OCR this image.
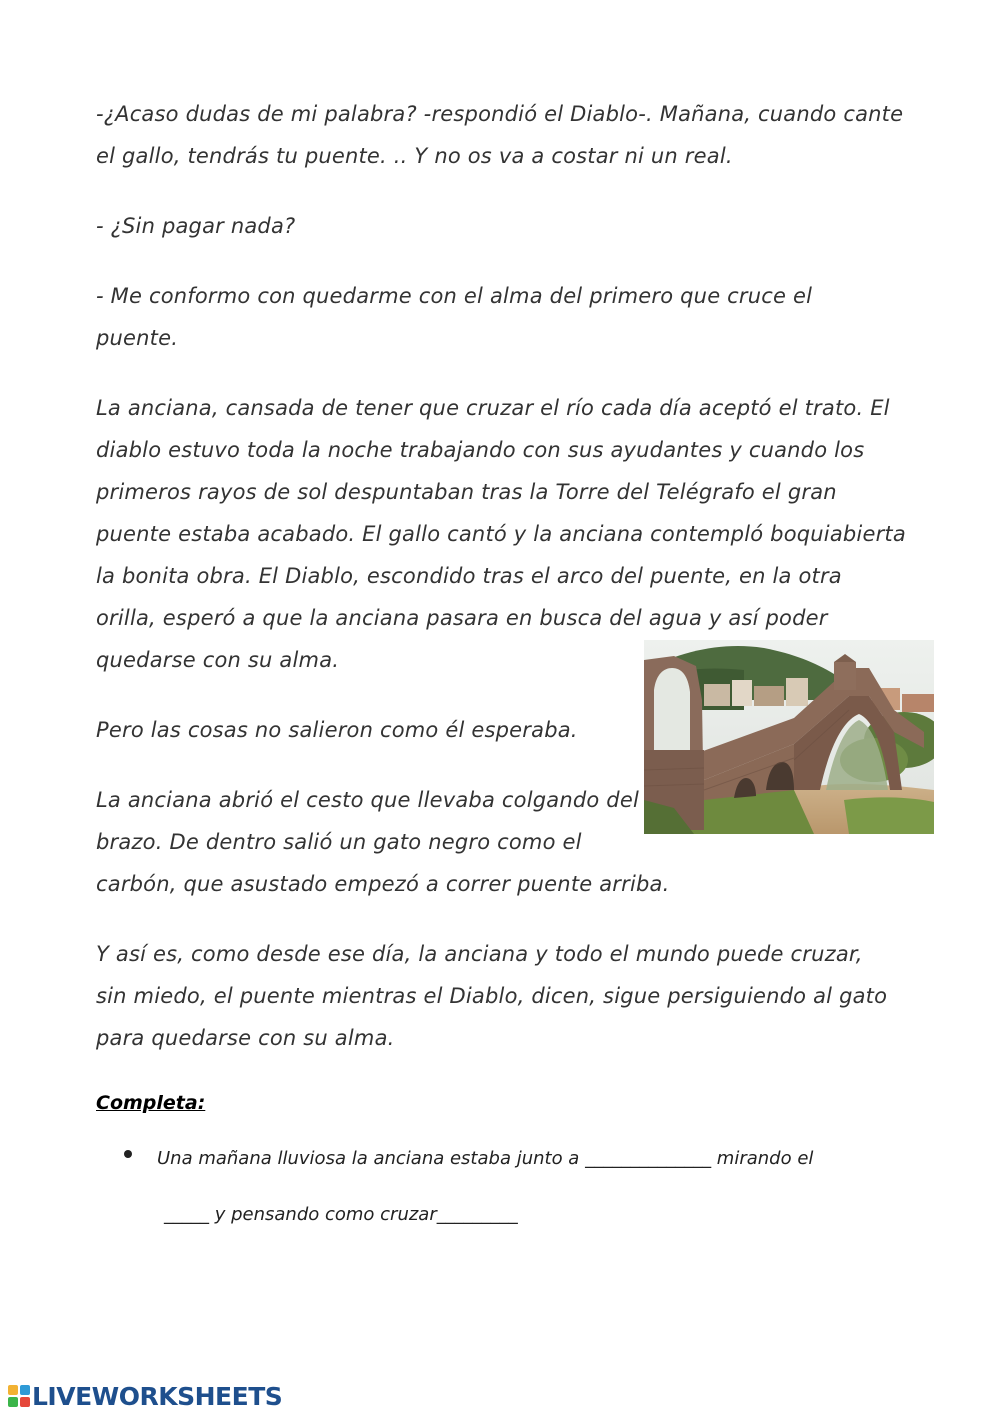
-¿Acaso dudas de mi palabra? -respondió el Diablo-. Mañana, cuando cante
el gallo, tendrás tu puente. .. Y no os va a costar ni un real.
- ¿Sin pagar nada?
- Me conformo con quedarme con el alma del primero que cruce el
puente.
La anciana, cansada de tener que cruzar el río cada día aceptó el trato. El
diablo estuvo toda la noche trabajando con sus ayudantes y cuando los
primeros rayos de sol despuntaban tras la Torre del Telégrafo el gran
puente estaba acabado. El gallo cantó y la anciana contempló boquiabierta
la bonita obra. El Diablo, escondido tras el arco del puente, en la otra
orilla, esperó a que la anciana pasara en busca del agua y así poder
quedarse con su alma.
Pero las cosas no salieron como él esperaba.
La anciana abrió el cesto que llevaba colgando del
brazo. De dentro salió un gato negro como el
carbón, que asustado empezó a correr puente arriba.
Y así es, como desde ese día, la anciana y todo el mundo puede cruzar,
sin miedo, el puente mientras el Diablo, dicen, sigue persiguiendo al gato
para quedarse con su alma.
Completa:
Una mañana lluviosa la anciana estaba junto a ______________ mirando el
_____ y pensando como cruzar_________
LIVEWORKSHEETS
